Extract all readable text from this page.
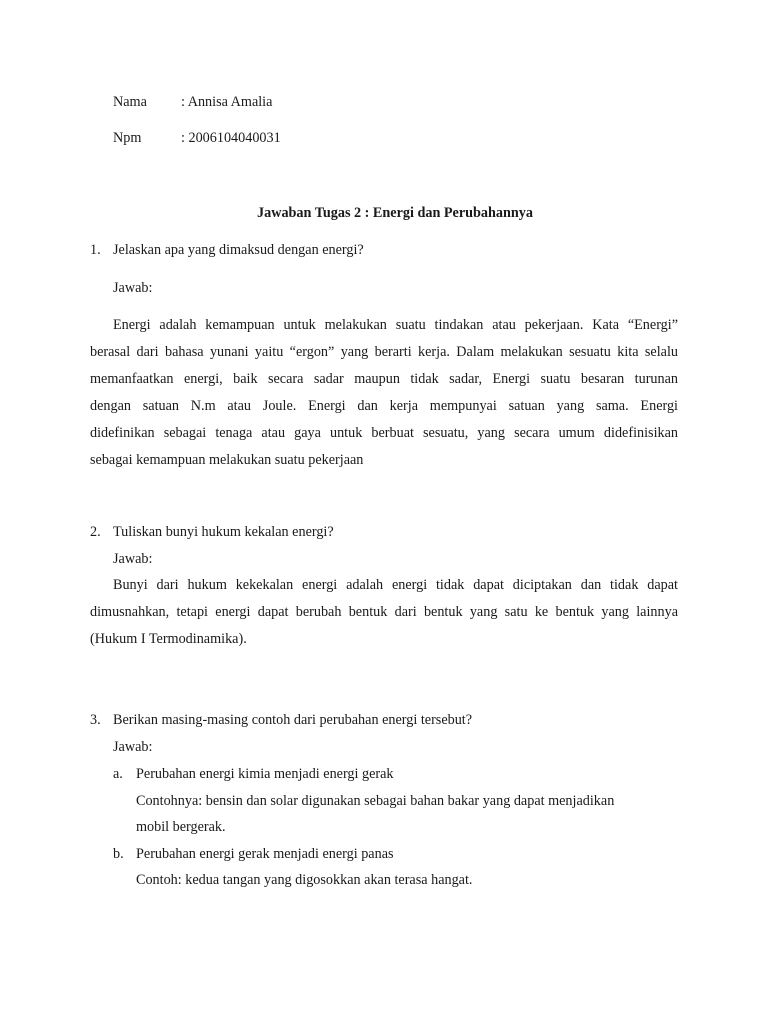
Nama : Annisa Amalia
Npm	: 2006104040031
Jawaban Tugas 2 : Energi dan Perubahannya
1. Jelaskan apa yang dimaksud dengan energi?
Jawab:
Energi adalah kemampuan untuk melakukan suatu tindakan atau pekerjaan. Kata “Energi”
berasal dari bahasa yunani yaitu “ergon” yang berarti kerja. Dalam melakukan sesuatu kita selalu
memanfaatkan energi, baik secara sadar maupun tidak sadar, Energi suatu besaran turunan
dengan satuan N.m atau Joule. Energi dan kerja mempunyai satuan yang sama. Energi
didefinikan sebagai tenaga atau gaya untuk berbuat sesuatu, yang secara umum didefinisikan
sebagai kemampuan melakukan suatu pekerjaan
2. Tuliskan bunyi hukum kekalan energi?
Jawab:
Bunyi dari hukum kekekalan energi adalah energi tidak dapat diciptakan dan tidak dapat
dimusnahkan, tetapi energi dapat berubah bentuk dari bentuk yang satu ke bentuk yang lainnya
(Hukum I Termodinamika).
3. Berikan masing-masing contoh dari perubahan energi tersebut?
Jawab:
a. Perubahan energi kimia menjadi energi gerak
Contohnya: bensin dan solar digunakan sebagai bahan bakar yang dapat menjadikan
mobil bergerak.
b. Perubahan energi gerak menjadi energi panas
Contoh: kedua tangan yang digosokkan akan terasa hangat.
